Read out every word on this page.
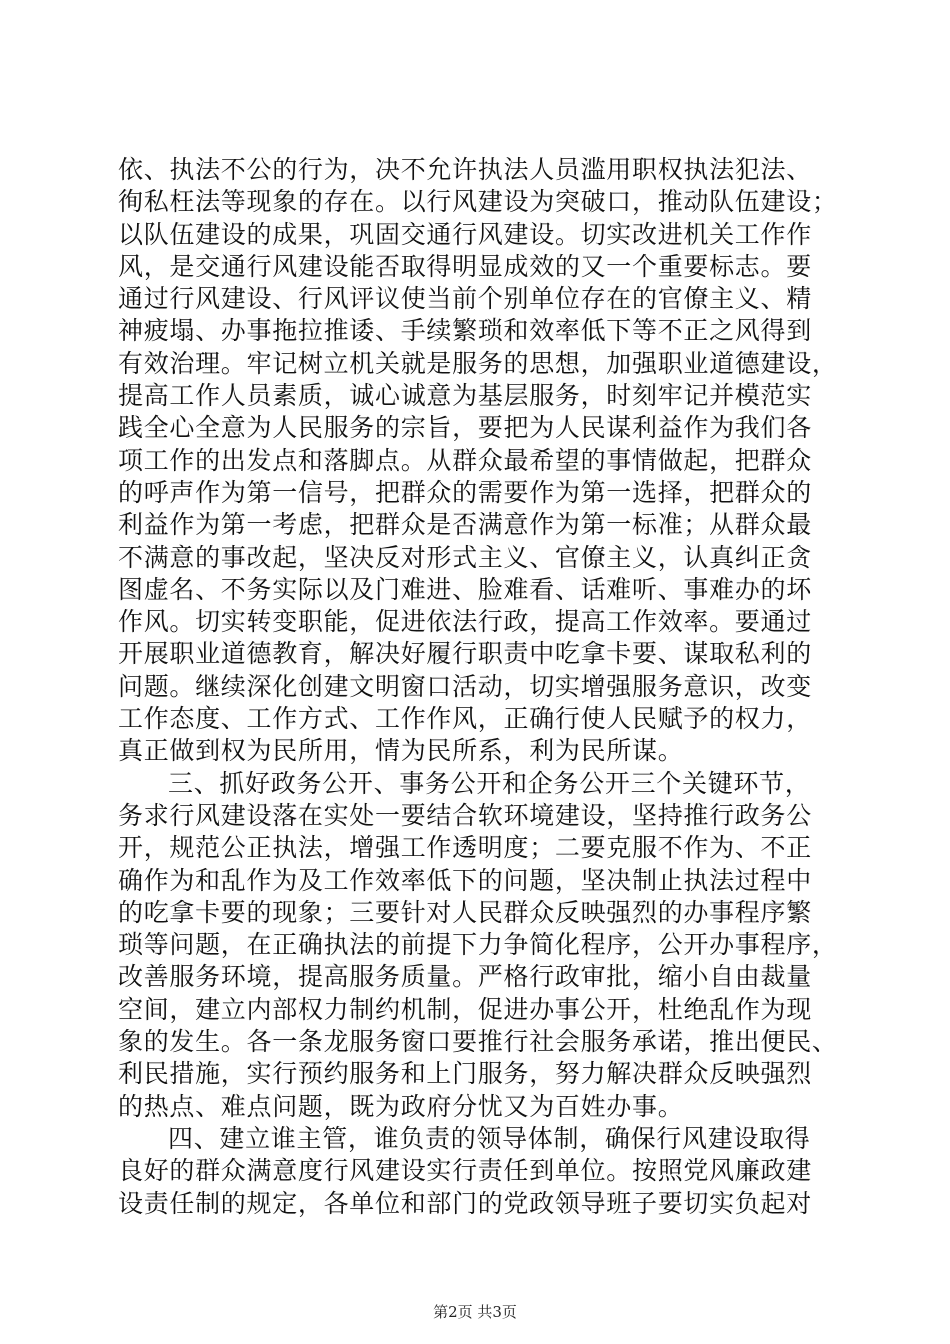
依、执法不公的行为，决不允许执法人员滥用职权执法犯法、
徇私枉法等现象的存在。以行风建设为突破口，推动队伍建设；
以队伍建设的成果，巩固交通行风建设。切实改进机关工作作
风，是交通行风建设能否取得明显成效的又一个重要标志。要
通过行风建设、行风评议使当前个别单位存在的官僚主义、精
神疲塌、办事拖拉推诿、手续繁琐和效率低下等不正之风得到
有效治理。牢记树立机关就是服务的思想，加强职业道德建设，
提高工作人员素质，诚心诚意为基层服务，时刻牢记并模范实
践全心全意为人民服务的宗旨，要把为人民谋利益作为我们各
项工作的出发点和落脚点。从群众最希望的事情做起，把群众
的呼声作为第一信号，把群众的需要作为第一选择，把群众的
利益作为第一考虑，把群众是否满意作为第一标准；从群众最
不满意的事改起，坚决反对形式主义、官僚主义，认真纠正贪
图虚名、不务实际以及门难进、脸难看、话难听、事难办的坏
作风。切实转变职能，促进依法行政，提高工作效率。要通过
开展职业道德教育，解决好履行职责中吃拿卡要、谋取私利的
问题。继续深化创建文明窗口活动，切实增强服务意识，改变
工作态度、工作方式、工作作风，正确行使人民赋予的权力，
真正做到权为民所用，情为民所系，利为民所谋。
三、抓好政务公开、事务公开和企务公开三个关键环节，
务求行风建设落在实处一要结合软环境建设，坚持推行政务公
开，规范公正执法，增强工作透明度；二要克服不作为、不正
确作为和乱作为及工作效率低下的问题，坚决制止执法过程中
的吃拿卡要的现象；三要针对人民群众反映强烈的办事程序繁
琐等问题，在正确执法的前提下力争简化程序，公开办事程序，
改善服务环境，提高服务质量。严格行政审批，缩小自由裁量
空间，建立内部权力制约机制，促进办事公开，杜绝乱作为现
象的发生。各一条龙服务窗口要推行社会服务承诺，推出便民、
利民措施，实行预约服务和上门服务，努力解决群众反映强烈
的热点、难点问题，既为政府分忧又为百姓办事。
四、建立谁主管，谁负责的领导体制，确保行风建设取得
良好的群众满意度行风建设实行责任到单位。按照党风廉政建
设责任制的规定，各单位和部门的党政领导班子要切实负起对
第2页 共3页
